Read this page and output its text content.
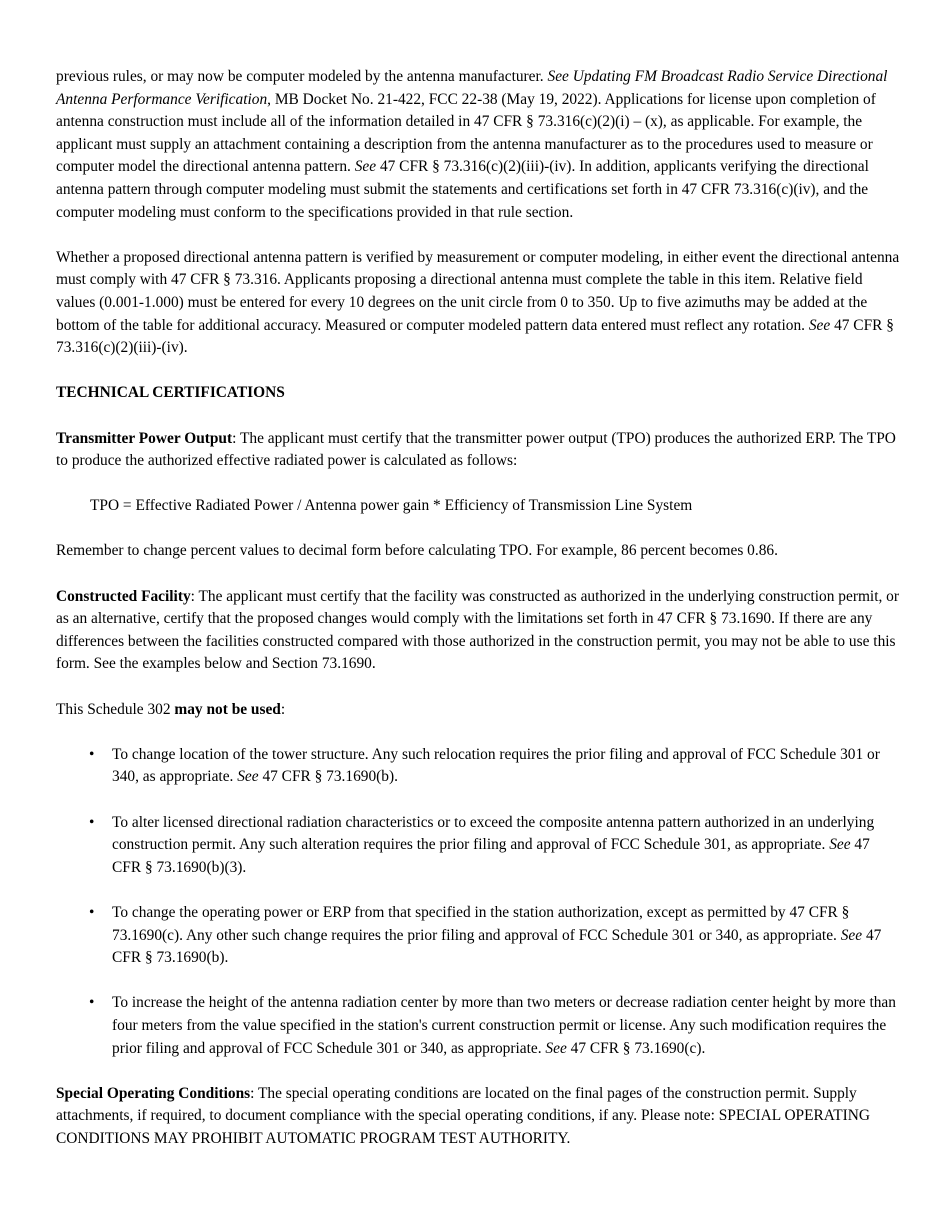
previous rules, or may now be computer modeled by the antenna manufacturer. See Updating FM Broadcast Radio Service Directional Antenna Performance Verification, MB Docket No. 21-422, FCC 22-38 (May 19, 2022). Applications for license upon completion of antenna construction must include all of the information detailed in 47 CFR § 73.316(c)(2)(i) – (x), as applicable. For example, the applicant must supply an attachment containing a description from the antenna manufacturer as to the procedures used to measure or computer model the directional antenna pattern. See 47 CFR § 73.316(c)(2)(iii)-(iv). In addition, applicants verifying the directional antenna pattern through computer modeling must submit the statements and certifications set forth in 47 CFR 73.316(c)(iv), and the computer modeling must conform to the specifications provided in that rule section.

Whether a proposed directional antenna pattern is verified by measurement or computer modeling, in either event the directional antenna must comply with 47 CFR § 73.316. Applicants proposing a directional antenna must complete the table in this item. Relative field values (0.001-1.000) must be entered for every 10 degrees on the unit circle from 0 to 350. Up to five azimuths may be added at the bottom of the table for additional accuracy. Measured or computer modeled pattern data entered must reflect any rotation. See 47 CFR § 73.316(c)(2)(iii)-(iv).

TECHNICAL CERTIFICATIONS

Transmitter Power Output: The applicant must certify that the transmitter power output (TPO) produces the authorized ERP. The TPO to produce the authorized effective radiated power is calculated as follows:

TPO = Effective Radiated Power / Antenna power gain * Efficiency of Transmission Line System

Remember to change percent values to decimal form before calculating TPO. For example, 86 percent becomes 0.86.

Constructed Facility: The applicant must certify that the facility was constructed as authorized in the underlying construction permit, or as an alternative, certify that the proposed changes would comply with the limitations set forth in 47 CFR § 73.1690. If there are any differences between the facilities constructed compared with those authorized in the construction permit, you may not be able to use this form. See the examples below and Section 73.1690.

This Schedule 302 may not be used:

• To change location of the tower structure. Any such relocation requires the prior filing and approval of FCC Schedule 301 or 340, as appropriate. See 47 CFR § 73.1690(b).
• To alter licensed directional radiation characteristics or to exceed the composite antenna pattern authorized in an underlying construction permit. Any such alteration requires the prior filing and approval of FCC Schedule 301, as appropriate. See 47 CFR § 73.1690(b)(3).
• To change the operating power or ERP from that specified in the station authorization, except as permitted by 47 CFR § 73.1690(c). Any other such change requires the prior filing and approval of FCC Schedule 301 or 340, as appropriate. See 47 CFR § 73.1690(b).
• To increase the height of the antenna radiation center by more than two meters or decrease radiation center height by more than four meters from the value specified in the station's current construction permit or license. Any such modification requires the prior filing and approval of FCC Schedule 301 or 340, as appropriate. See 47 CFR § 73.1690(c).

Special Operating Conditions: The special operating conditions are located on the final pages of the construction permit. Supply attachments, if required, to document compliance with the special operating conditions, if any. Please note: SPECIAL OPERATING CONDITIONS MAY PROHIBIT AUTOMATIC PROGRAM TEST AUTHORITY.
